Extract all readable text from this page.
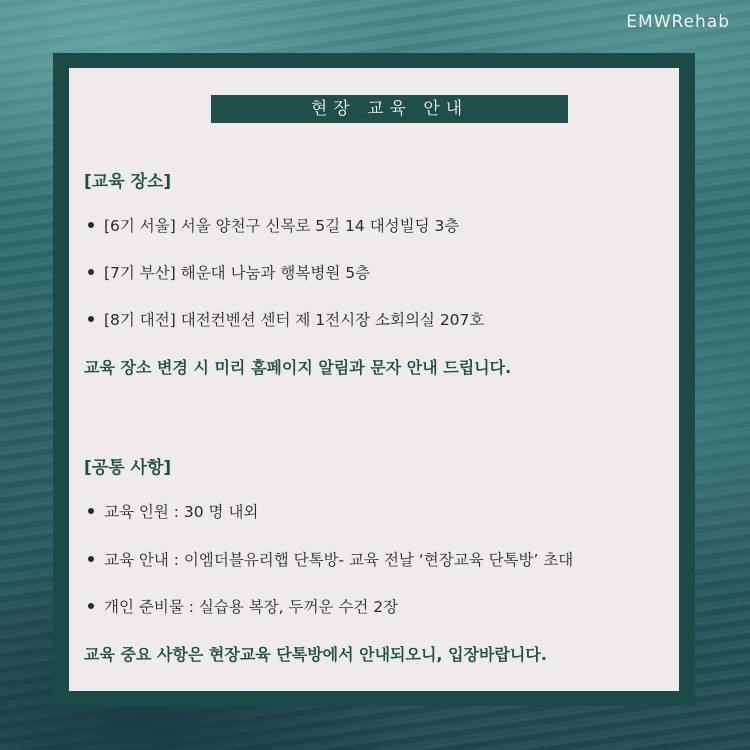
EMWRehab
현장 교육 안내
[교육 장소]
[6기 서울] 서울 양천구 신목로 5길 14 대성빌딩 3층
[7기 부산] 해운대 나눔과 행복병원 5층
[8기 대전] 대전컨벤션 센터 제 1전시장 소회의실 207호
교육 장소 변경 시 미리 홈페이지 알림과 문자 안내 드립니다.
[공통 사항]
교육 인원 : 30 명 내외
교육 안내 : 이엠더블유리햅 단톡방- 교육 전날 ‘현장교육 단톡방’ 초대
개인 준비물 : 실습용 복장, 두꺼운 수건 2장
교육 중요 사항은 현장교육 단톡방에서 안내되오니, 입장바랍니다.
